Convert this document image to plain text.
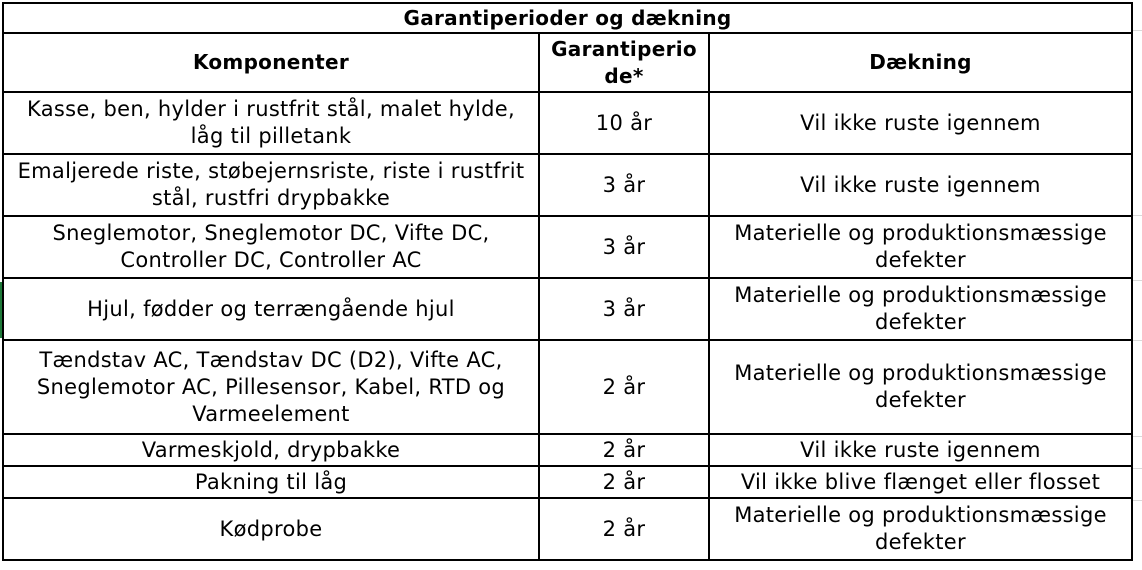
Garantiperioder og dækning		
Komponenter	Garantiperio de*	Dækning
Kasse, ben, hylder i rustfrit stål, malet hylde, låg til pilletank	10 år	Vil ikke ruste igennem
Emaljerede riste, støbejernsriste, riste i rustfrit stål, rustfri drypbakke	3 år	Vil ikke ruste igennem
Sneglemotor, Sneglemotor DC, Vifte DC, Controller DC, Controller AC	3 år	Materielle og produktionsmæssige defekter
Hjul, fødder og terrængående hjul	3 år	Materielle og produktionsmæssige defekter
Tændstav AC, Tændstav DC (D2), Vifte AC, Sneglemotor AC, Pillesensor, Kabel, RTD og Varmeelement	2 år	Materielle og produktionsmæssige defekter
Varmeskjold, drypbakke	2 år	Vil ikke ruste igennem
Pakning til låg	2 år	Vil ikke blive flænget eller flosset
Kødprobe	2 år	Materielle og produktionsmæssige defekter
